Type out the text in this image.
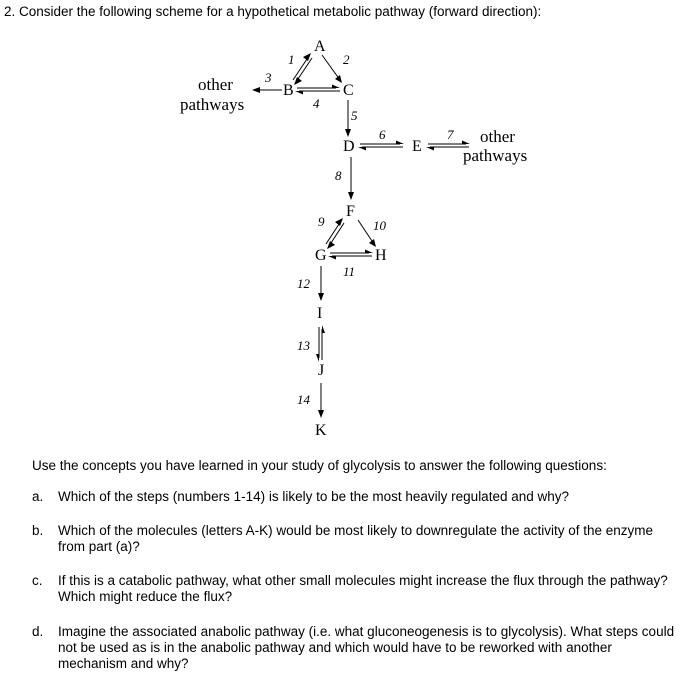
2. Consider the following scheme for a hypothetical metabolic pathway (forward direction):
A
B	C
D	E
F
G	H
I
J
K
other
pathways
other
pathways
1	2
3
4
5
6	7
8
9	10
11
12
13
14
Use the concepts you have learned in your study of glycolysis to answer the following questions:
a. Which of the steps (numbers 1-14) is likely to be the most heavily regulated and why?
b. Which of the molecules (letters A-K) would be most likely to downregulate the activity of the enzyme from part (a)?
c. If this is a catabolic pathway, what other small molecules might increase the flux through the pathway? Which might reduce the flux?
d. Imagine the associated anabolic pathway (i.e. what gluconeogenesis is to glycolysis). What steps could not be used as is in the anabolic pathway and which would have to be reworked with another mechanism and why?
